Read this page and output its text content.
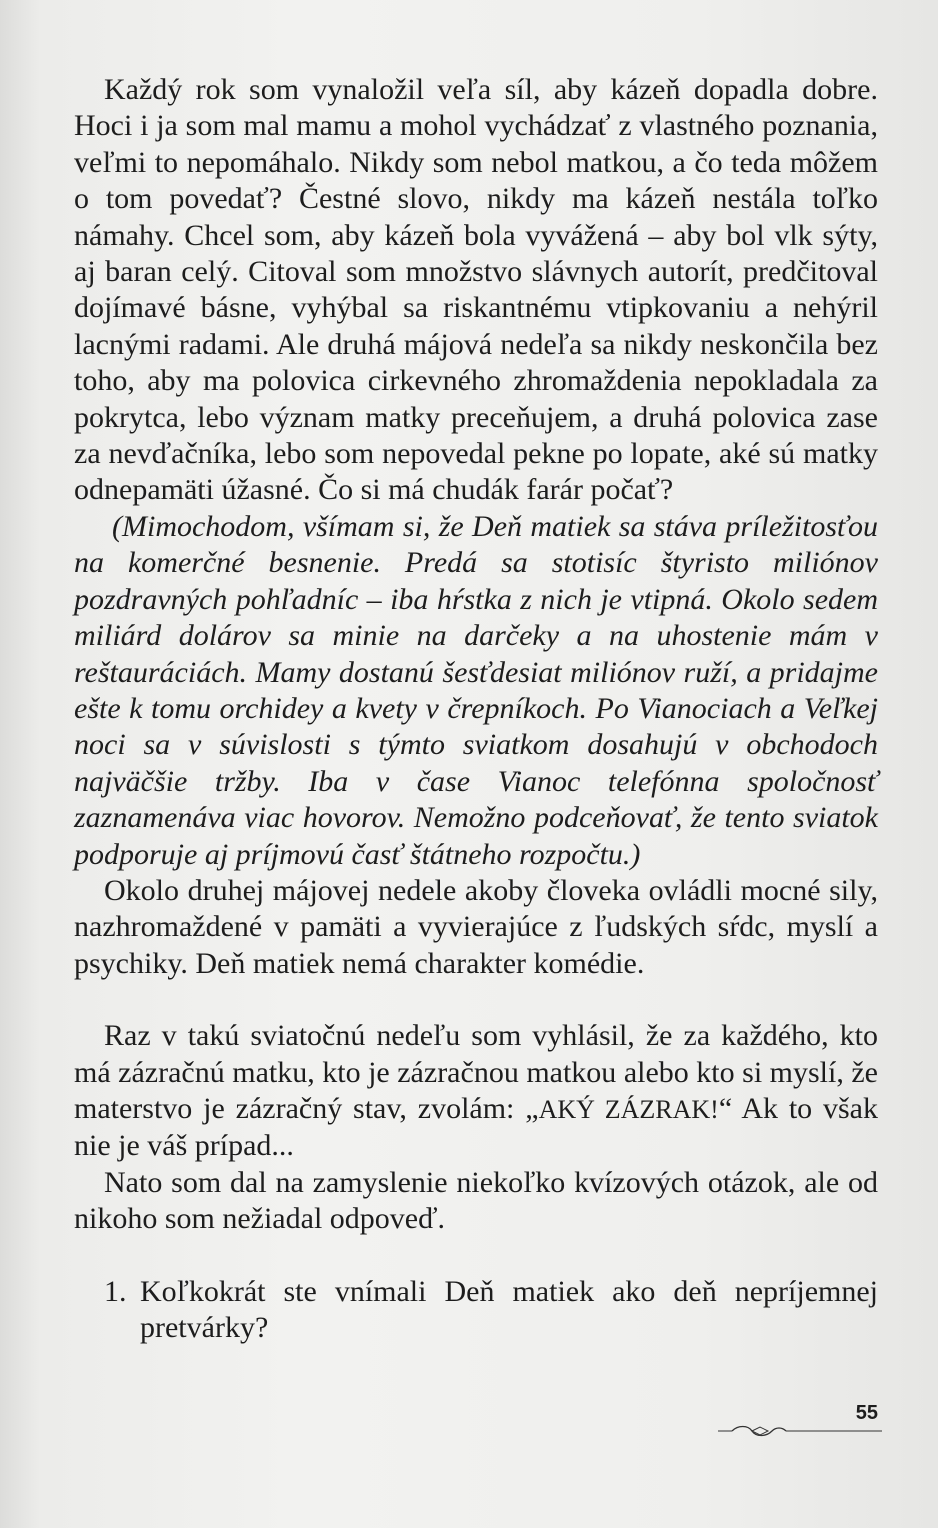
Každý rok som vynaložil veľa síl, aby kázeň dopadla dobre. Hoci i ja som mal mamu a mohol vychádzať z vlastného poznania, veľmi to nepomáhalo. Nikdy som nebol matkou, a čo teda môžem o tom povedať? Čestné slovo, nikdy ma kázeň nestála toľko námahy. Chcel som, aby kázeň bola vyvážená – aby bol vlk sýty, aj baran celý. Citoval som množstvo slávnych autorít, predčitoval dojímavé básne, vyhýbal sa riskantnému vtipkovaniu a nehýril lacnými radami. Ale druhá májová nedeľa sa nikdy neskončila bez toho, aby ma polovica cirkevného zhromaždenia nepokladala za pokrytca, lebo význam matky preceňujem, a druhá polovica zase za nevďačníka, lebo som nepovedal pekne po lopate, aké sú matky odnepamäti úžasné. Čo si má chudák farár počať?

(Mimochodom, všímam si, že Deň matiek sa stáva príležitosťou na komerčné besnenie. Predá sa stotisíc štyristo miliónov pozdravných pohľadníc – iba hŕstka z nich je vtipná. Okolo sedem miliárd dolárov sa minie na darčeky a na uhostenie mám v reštauráciách. Mamy dostanú šesťdesiat miliónov ruží, a pridajme ešte k tomu orchidey a kvety v črepníkoch. Po Vianociach a Veľkej noci sa v súvislosti s týmto sviatkom dosahujú v obchodoch najväčšie tržby. Iba v čase Vianoc telefónna spoločnosť zaznamenáva viac hovorov. Nemožno podceňovať, že tento sviatok podporuje aj príjmovú časť štátneho rozpočtu.)

Okolo druhej májovej nedele akoby človeka ovládli mocné sily, nazhromaždené v pamäti a vyvierajúce z ľudských sŕdc, myslí a psychiky. Deň matiek nemá charakter komédie.

Raz v takú sviatočnú nedeľu som vyhlásil, že za každého, kto má zázračnú matku, kto je zázračnou matkou alebo kto si myslí, že materstvo je zázračný stav, zvolám: „AKÝ ZÁZRAK!“ Ak to však nie je váš prípad...

Nato som dal na zamyslenie niekoľko kvízových otázok, ale od nikoho som nežiadal odpoveď.

1. Koľkokrát ste vnímali Deň matiek ako deň nepríjemnej pretvárky?
55
